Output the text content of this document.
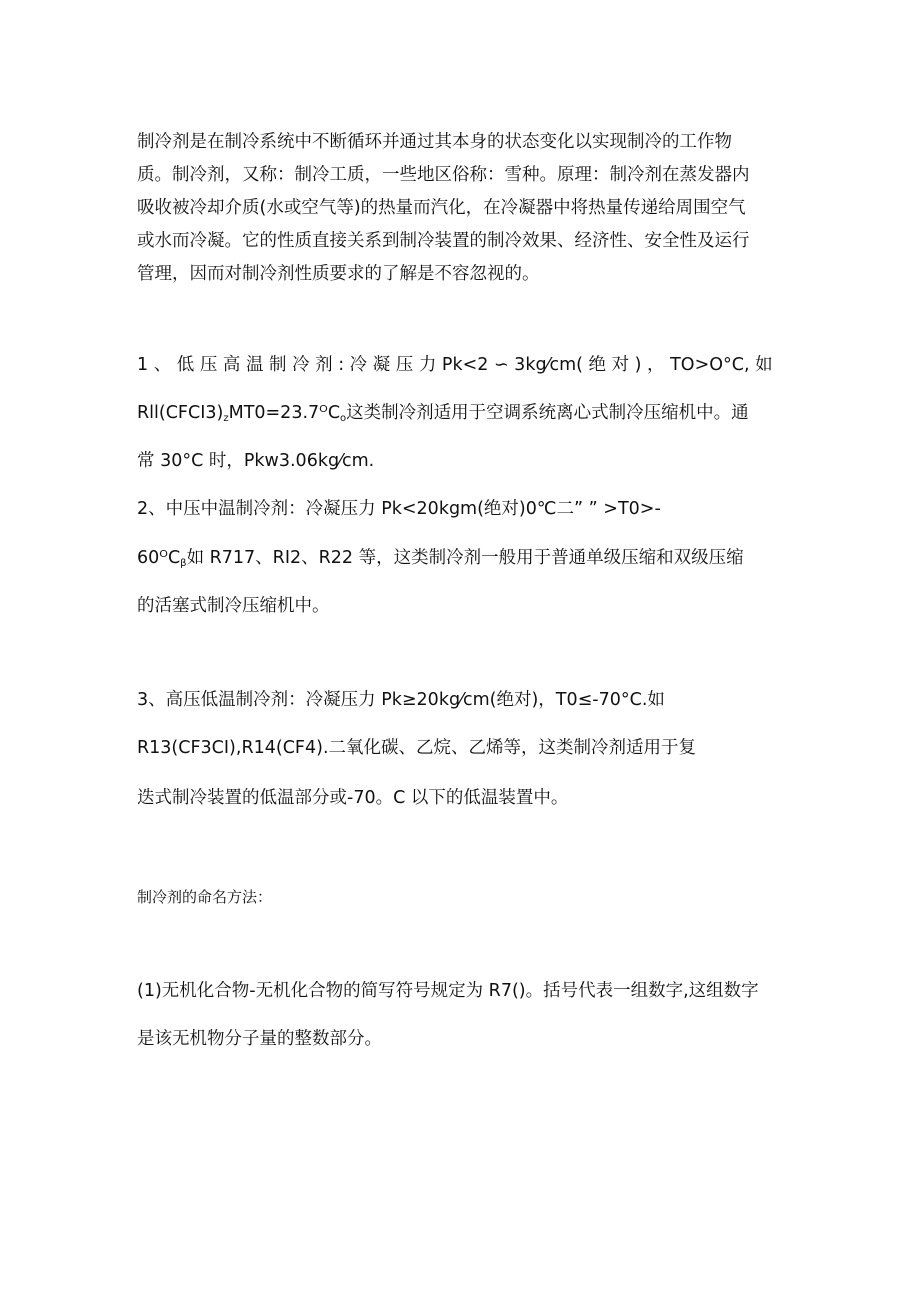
制冷剂是在制冷系统中不断循环并通过其本身的状态变化以实现制冷的工作物
质。制冷剂，又称：制冷工质，一些地区俗称：雪种。原理：制冷剂在蒸发器内
吸收被冷却介质(水或空气等)的热量而汽化，在冷凝器中将热量传递给周围空气
或水而冷凝。它的性质直接关系到制冷装置的制冷效果、经济性、安全性及运行
管理，因而对制冷剂性质要求的了解是不容忽视的。
1 、 低 压 高 温 制 冷 剂 : 冷 凝 压 力 Pk<2 ∽ 3kg⁄cm( 绝 对 ) ， TO>O°C, 如
$Rll(CFCI3)_zMT0=23.7ᴼC_o$这类制冷剂适用于空调系统离心式制冷压缩机中。通
常 30°C 时，Pkw3.06kg⁄cm.
2、中压中温制冷剂：冷凝压力 Pk<20kgm(绝对)0℃二” ” >T0>-
60ᴼC$_\beta$如 R717、RI2、R22 等，这类制冷剂一般用于普通单级压缩和双级压缩
的活塞式制冷压缩机中。
3、高压低温制冷剂：冷凝压力 Pk≥20kg⁄cm(绝对)，T0≤-70°C.如
R13(CF3CI),R14(CF4).二氧化碳、乙烷、乙烯等，这类制冷剂适用于复
迭式制冷装置的低温部分或-70。C 以下的低温装置中。
制冷剂的命名方法：
(1)无机化合物-无机化合物的简写符号规定为 R7()。括号代表一组数字,这组数字
是该无机物分子量的整数部分。
